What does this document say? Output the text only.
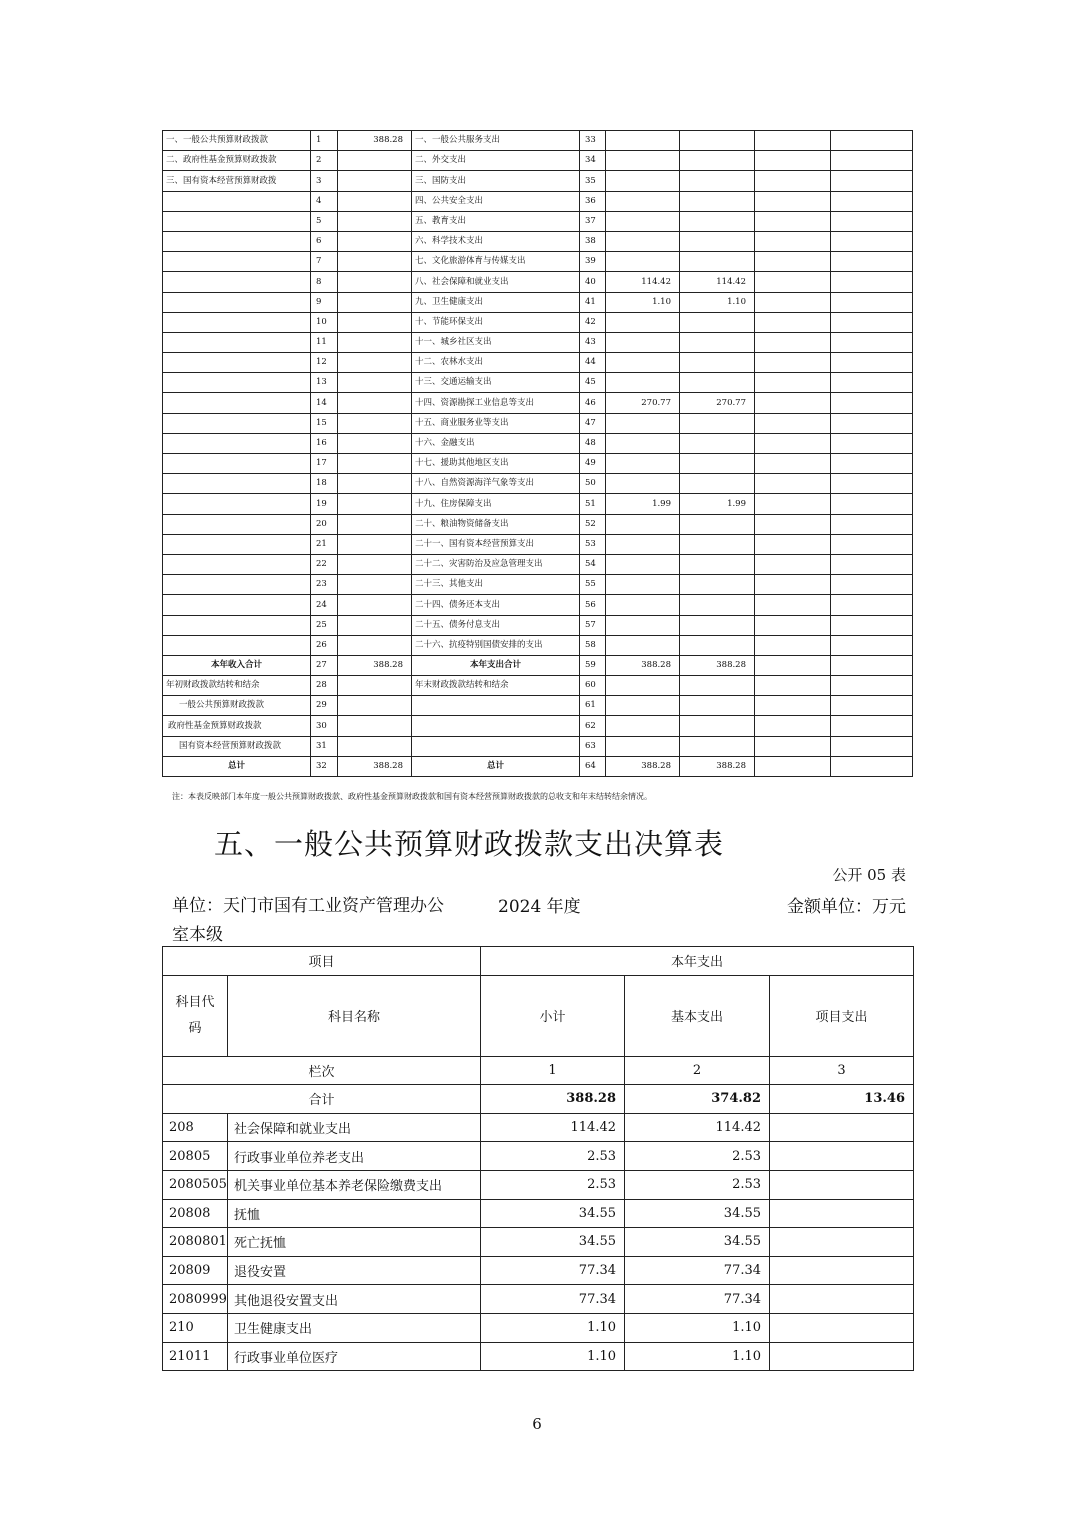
一、一般公共预算财政拨款	1	388.28	一、一般公共服务支出	33				
二、政府性基金预算财政拨款	2		二、外交支出	34				
三、国有资本经营预算财政拨	3		三、国防支出	35				
	4		四、公共安全支出	36				
	5		五、教育支出	37				
	6		六、科学技术支出	38				
	7		七、文化旅游体育与传媒支出	39				
	8		八、社会保障和就业支出	40	114.42	114.42		
	9		九、卫生健康支出	41	1.10	1.10		
	10		十、节能环保支出	42				
	11		十一、城乡社区支出	43				
	12		十二、农林水支出	44				
	13		十三、交通运输支出	45				
	14		十四、资源勘探工业信息等支出	46	270.77	270.77		
	15		十五、商业服务业等支出	47				
	16		十六、金融支出	48				
	17		十七、援助其他地区支出	49				
	18		十八、自然资源海洋气象等支出	50				
	19		十九、住房保障支出	51	1.99	1.99		
	20		二十、粮油物资储备支出	52				
	21		二十一、国有资本经营预算支出	53				
	22		二十二、灾害防治及应急管理支出	54				
	23		二十三、其他支出	55				
	24		二十四、债务还本支出	56				
	25		二十五、债务付息支出	57				
	26		二十六、抗疫特别国债安排的支出	58				
本年收入合计	27	388.28	本年支出合计	59	388.28	388.28		
年初财政拨款结转和结余	28		年末财政拨款结转和结余	60				
一般公共预算财政拨款	29			61				
政府性基金预算财政拨款	30			62				
国有资本经营预算财政拨款	31			63				
总计	32	388.28	总计	64	388.28	388.28		
注：本表反映部门本年度一般公共预算财政拨款、政府性基金预算财政拨款和国有资本经营预算财政拨款的总收支和年末结转结余情况。
五、一般公共预算财政拨款支出决算表
公开 05 表
单位：天门市国有工业资产管理办公室本级
2024 年度	金额单位：万元
项目		本年支出		
科目代码	科目名称	小计	基本支出	项目支出
栏次		1	2	3
合计		388.28	374.82	13.46
208	社会保障和就业支出	114.42	114.42	
20805	行政事业单位养老支出	2.53	2.53	
2080505	机关事业单位基本养老保险缴费支出	2.53	2.53	
20808	抚恤	34.55	34.55	
2080801	死亡抚恤	34.55	34.55	
20809	退役安置	77.34	77.34	
2080999	其他退役安置支出	77.34	77.34	
210	卫生健康支出	1.10	1.10	
21011	行政事业单位医疗	1.10	1.10	
6
